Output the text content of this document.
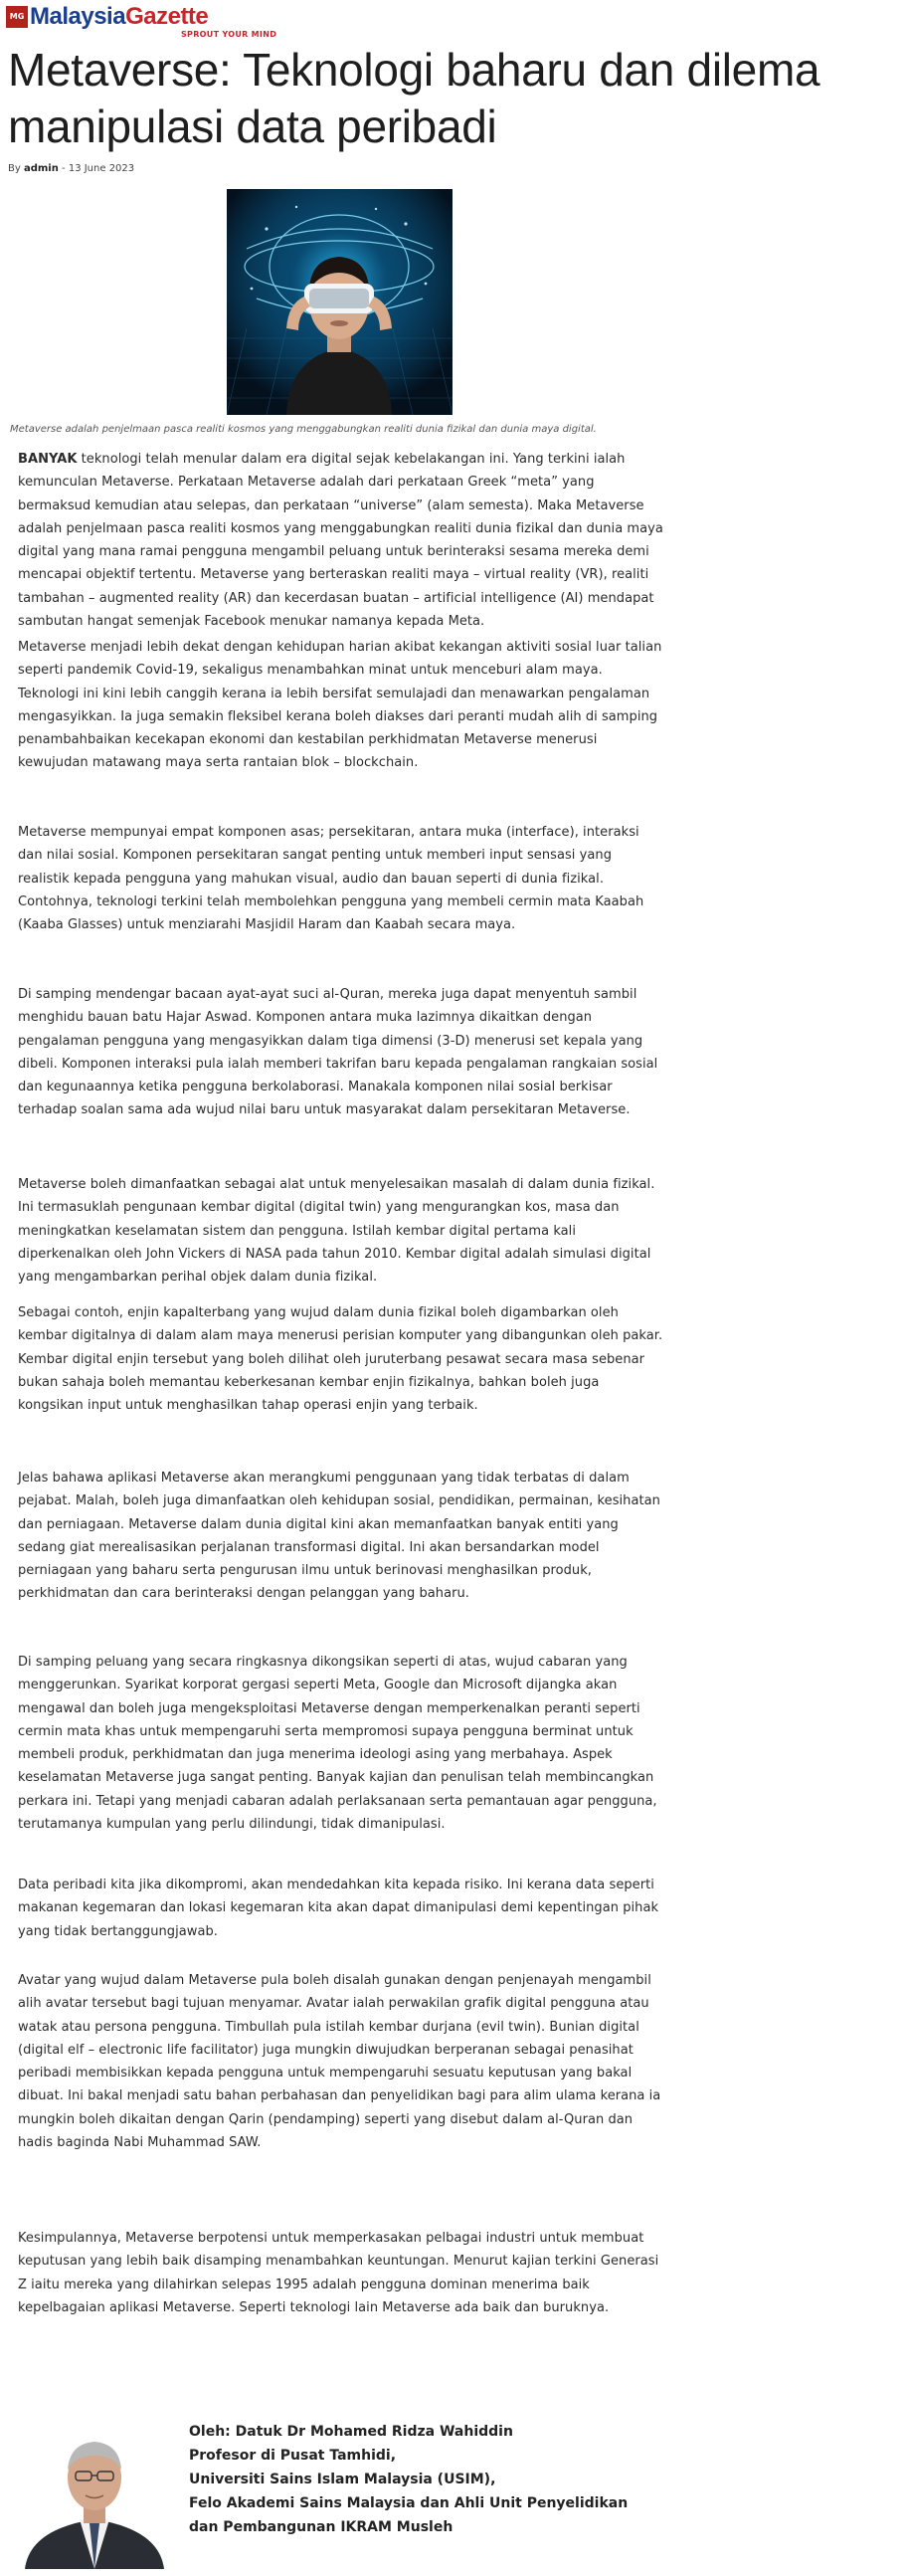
MG MalaysiaGazette
SPROUT YOUR MIND
Metaverse: Teknologi baharu dan dilema manipulasi data peribadi
By admin - 13 June 2023
Metaverse adalah penjelmaan pasca realiti kosmos yang menggabungkan realiti dunia fizikal dan dunia maya digital.

BANYAK teknologi telah menular dalam era digital sejak kebelakangan ini. Yang terkini ialah kemunculan Metaverse. Perkataan Metaverse adalah dari perkataan Greek “meta” yang bermaksud kemudian atau selepas, dan perkataan “universe” (alam semesta). Maka Metaverse adalah penjelmaan pasca realiti kosmos yang menggabungkan realiti dunia fizikal dan dunia maya digital yang mana ramai pengguna mengambil peluang untuk berinteraksi sesama mereka demi mencapai objektif tertentu. Metaverse yang berteraskan realiti maya – virtual reality (VR), realiti tambahan – augmented reality (AR) dan kecerdasan buatan – artificial intelligence (AI) mendapat sambutan hangat semenjak Facebook menukar namanya kepada Meta.

Metaverse menjadi lebih dekat dengan kehidupan harian akibat kekangan aktiviti sosial luar talian seperti pandemik Covid-19, sekaligus menambahkan minat untuk menceburi alam maya. Teknologi ini kini lebih canggih kerana ia lebih bersifat semulajadi dan menawarkan pengalaman mengasyikkan. Ia juga semakin fleksibel kerana boleh diakses dari peranti mudah alih di samping penambahbaikan kecekapan ekonomi dan kestabilan perkhidmatan Metaverse menerusi kewujudan matawang maya serta rantaian blok – blockchain.

Metaverse mempunyai empat komponen asas; persekitaran, antara muka (interface), interaksi dan nilai sosial. Komponen persekitaran sangat penting untuk memberi input sensasi yang realistik kepada pengguna yang mahukan visual, audio dan bauan seperti di dunia fizikal. Contohnya, teknologi terkini telah membolehkan pengguna yang membeli cermin mata Kaabah (Kaaba Glasses) untuk menziarahi Masjidil Haram dan Kaabah secara maya.

Di samping mendengar bacaan ayat-ayat suci al-Quran, mereka juga dapat menyentuh sambil menghidu bauan batu Hajar Aswad. Komponen antara muka lazimnya dikaitkan dengan pengalaman pengguna yang mengasyikkan dalam tiga dimensi (3-D) menerusi set kepala yang dibeli. Komponen interaksi pula ialah memberi takrifan baru kepada pengalaman rangkaian sosial dan kegunaannya ketika pengguna berkolaborasi. Manakala komponen nilai sosial berkisar terhadap soalan sama ada wujud nilai baru untuk masyarakat dalam persekitaran Metaverse.

Metaverse boleh dimanfaatkan sebagai alat untuk menyelesaikan masalah di dalam dunia fizikal. Ini termasuklah pengunaan kembar digital (digital twin) yang mengurangkan kos, masa dan meningkatkan keselamatan sistem dan pengguna. Istilah kembar digital pertama kali diperkenalkan oleh John Vickers di NASA pada tahun 2010. Kembar digital adalah simulasi digital yang mengambarkan perihal objek dalam dunia fizikal.

Sebagai contoh, enjin kapalterbang yang wujud dalam dunia fizikal boleh digambarkan oleh kembar digitalnya di dalam alam maya menerusi perisian komputer yang dibangunkan oleh pakar. Kembar digital enjin tersebut yang boleh dilihat oleh juruterbang pesawat secara masa sebenar bukan sahaja boleh memantau keberkesanan kembar enjin fizikalnya, bahkan boleh juga kongsikan input untuk menghasilkan tahap operasi enjin yang terbaik.

Jelas bahawa aplikasi Metaverse akan merangkumi penggunaan yang tidak terbatas di dalam pejabat. Malah, boleh juga dimanfaatkan oleh kehidupan sosial, pendidikan, permainan, kesihatan dan perniagaan. Metaverse dalam dunia digital kini akan memanfaatkan banyak entiti yang sedang giat merealisasikan perjalanan transformasi digital. Ini akan bersandarkan model perniagaan yang baharu serta pengurusan ilmu untuk berinovasi menghasilkan produk, perkhidmatan dan cara berinteraksi dengan pelanggan yang baharu.

Di samping peluang yang secara ringkasnya dikongsikan seperti di atas, wujud cabaran yang menggerunkan. Syarikat korporat gergasi seperti Meta, Google dan Microsoft dijangka akan mengawal dan boleh juga mengeksploitasi Metaverse dengan memperkenalkan peranti seperti cermin mata khas untuk mempengaruhi serta mempromosi supaya pengguna berminat untuk membeli produk, perkhidmatan dan juga menerima ideologi asing yang merbahaya. Aspek keselamatan Metaverse juga sangat penting. Banyak kajian dan penulisan telah membincangkan perkara ini. Tetapi yang menjadi cabaran adalah perlaksanaan serta pemantauan agar pengguna, terutamanya kumpulan yang perlu dilindungi, tidak dimanipulasi.

Data peribadi kita jika dikompromi, akan mendedahkan kita kepada risiko. Ini kerana data seperti makanan kegemaran dan lokasi kegemaran kita akan dapat dimanipulasi demi kepentingan pihak yang tidak bertanggungjawab.

Avatar yang wujud dalam Metaverse pula boleh disalah gunakan dengan penjenayah mengambil alih avatar tersebut bagi tujuan menyamar. Avatar ialah perwakilan grafik digital pengguna atau watak atau persona pengguna. Timbullah pula istilah kembar durjana (evil twin). Bunian digital (digital elf – electronic life facilitator) juga mungkin diwujudkan berperanan sebagai penasihat peribadi membisikkan kepada pengguna untuk mempengaruhi sesuatu keputusan yang bakal dibuat. Ini bakal menjadi satu bahan perbahasan dan penyelidikan bagi para alim ulama kerana ia mungkin boleh dikaitan dengan Qarin (pendamping) seperti yang disebut dalam al-Quran dan hadis baginda Nabi Muhammad SAW.

Kesimpulannya, Metaverse berpotensi untuk memperkasakan pelbagai industri untuk membuat keputusan yang lebih baik disamping menambahkan keuntungan. Menurut kajian terkini Generasi Z iaitu mereka yang dilahirkan selepas 1995 adalah pengguna dominan menerima baik kepelbagaian aplikasi Metaverse. Seperti teknologi lain Metaverse ada baik dan buruknya.

Oleh: Datuk Dr Mohamed Ridza Wahiddin
Profesor di Pusat Tamhidi,
Universiti Sains Islam Malaysia (USIM),
Felo Akademi Sains Malaysia dan Ahli Unit Penyelidikan
dan Pembangunan IKRAM Musleh
